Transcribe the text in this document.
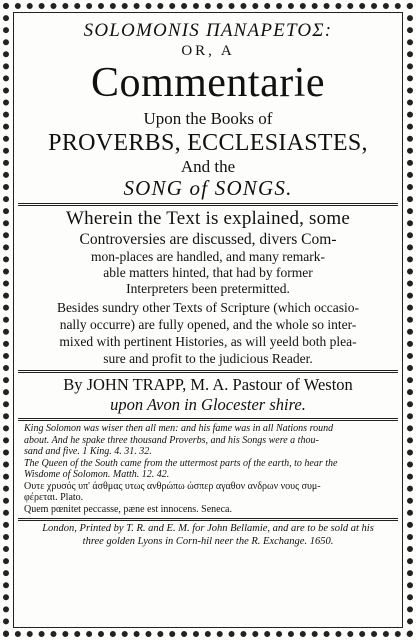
SOLOMONIS ΠΑΝΑΡΕΤΟΣ:
OR, A
Commentarie
Upon the Books of
PROVERBS, ECCLESIASTES,
And the
SONG of SONGS.
Wherein the Text is explained, some
Controversies are discussed, divers Com-
mon-places are handled, and many remark-
able matters hinted, that had by former
Interpreters been pretermitted.
Besides sundry other Texts of Scripture (which occasio-
nally occurre) are fully opened, and the whole so inter-
mixed with pertinent Histories, as will yeeld both plea-
sure and profit to the judicious Reader.
By JOHN TRAPP, M. A. Pastour of Weston
upon Avon in Glocester shire.
King Solomon was wiser then all men: and his fame was in all Nations round
about. And he spake three thousand Proverbs, and his Songs were a thou-
sand and five. 1 King. 4. 31. 32.
The Queen of the South came from the uttermost parts of the earth, to hear the
Wisdome of Solomon. Matth. 12. 42.
Ουτε χρυσός υπ' άσθμας υτως ανθρώπω ώσπερ αγαθον ανδρων νους συμ-
φέρεται. Plato.
Quem pœnitet peccasse, pæne est innocens. Seneca.
London, Printed by T. R. and E. M. for John Bellamie, and are to be sold at his
three golden Lyons in Corn-hil neer the R. Exchange. 1650.
